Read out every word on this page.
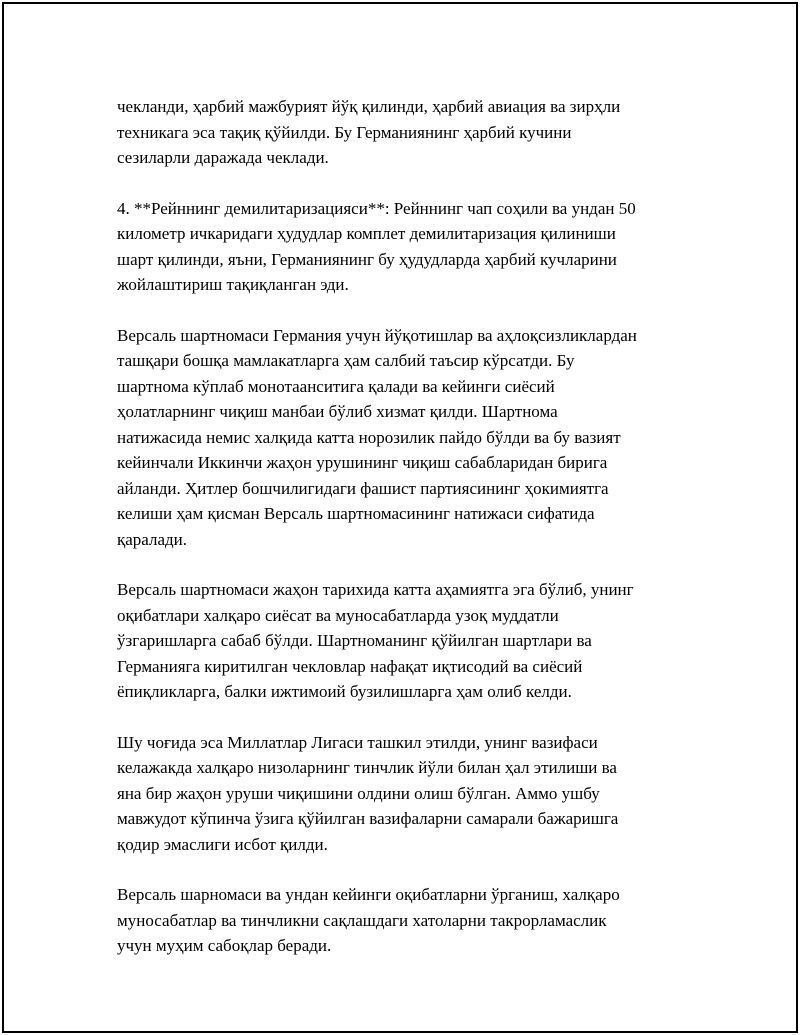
чекланди, ҳарбий мажбурият йўқ қилинди, ҳарбий авиация ва зирҳли
техникага эса тақиқ қўйилди. Бу Германиянинг ҳарбий кучини
сезиларли даражада чеклади.

4. **Рейннинг демилитаризацияси**: Рейннинг чап соҳили ва ундан 50
километр ичкаридаги ҳудудлар комплет демилитаризация қилиниши
шарт қилинди, яъни, Германиянинг бу ҳудудларда ҳарбий кучларини
жойлаштириш тақиқланган эди.

Версаль шартномаси Германия учун йўқотишлар ва аҳлоқсизликлардан
ташқари бошқа мамлакатларга ҳам салбий таъсир кўрсатди. Бу
шартнома кўплаб монотаанситига қалади ва кейинги сиёсий
ҳолатларнинг чиқиш манбаи бўлиб хизмат қилди. Шартнома
натижасида немис халқида катта норозилик пайдо бўлди ва бу вазият
кейинчали Иккинчи жаҳон урушининг чиқиш сабабларидан бирига
айланди. Ҳитлер бошчилигидаги фашист партиясининг ҳокимиятга
келиши ҳам қисман Версаль шартномасининг натижаси сифатида
қаралади.

Версаль шартномаси жаҳон тарихида катта аҳамиятга эга бўлиб, унинг
оқибатлари халқаро сиёсат ва муносабатларда узоқ муддатли
ўзгаришларга сабаб бўлди. Шартноманинг қўйилган шартлари ва
Германияга киритилган чекловлар нафақат иқтисодий ва сиёсий
ёпиқликларга, балки ижтимоий бузилишларга ҳам олиб келди.

Шу чоғида эса Миллатлар Лигаси ташкил этилди, унинг вазифаси
келажакда халқаро низоларнинг тинчлик йўли билан ҳал этилиши ва
яна бир жаҳон уруши чиқишини олдини олиш бўлган. Аммо ушбу
мавжудот кўпинча ўзига қўйилган вазифаларни самарали бажаришга
қодир эмаслиги исбот қилди.

Версаль шарномаси ва ундан кейинги оқибатларни ўрганиш, халқаро
муносабатлар ва тинчликни сақлашдаги хатоларни такрорламаслик
учун муҳим сабоқлар беради.
